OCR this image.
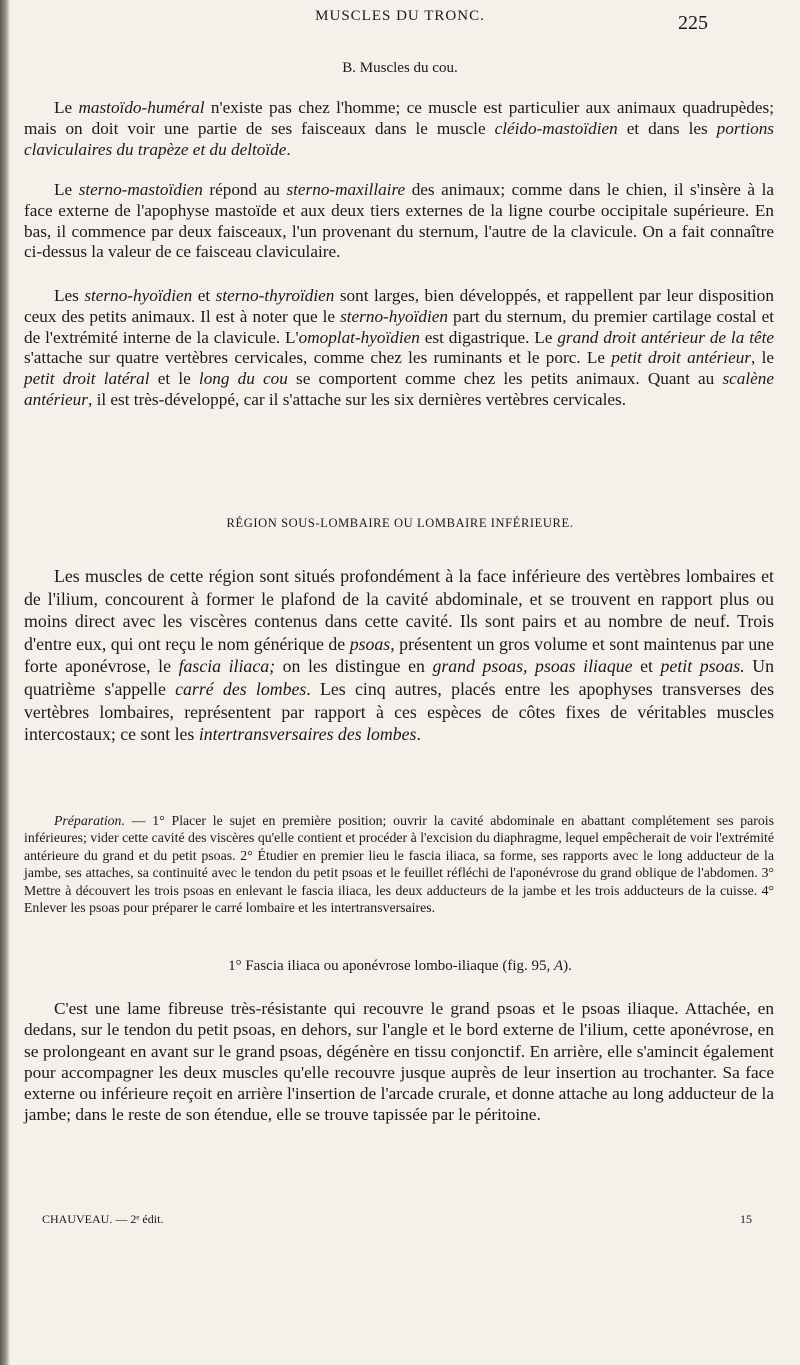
MUSCLES DU TRONC.	225
B. Muscles du cou.

Le mastoïdo-huméral n'existe pas chez l'homme; ce muscle est particulier aux animaux quadrupèdes; mais on doit voir une partie de ses faisceaux dans le muscle cléido-mastoïdien et dans les portions claviculaires du trapèze et du deltoïde.

Le sterno-mastoïdien répond au sterno-maxillaire des animaux; comme dans le chien, il s'insère à la face externe de l'apophyse mastoïde et aux deux tiers externes de la ligne courbe occipitale supérieure. En bas, il commence par deux faisceaux, l'un provenant du sternum, l'autre de la clavicule. On a fait connaître ci-dessus la valeur de ce faisceau claviculaire.

Les sterno-hyoïdien et sterno-thyroïdien sont larges, bien développés, et rappellent par leur disposition ceux des petits animaux. Il est à noter que le sterno-hyoïdien part du sternum, du premier cartilage costal et de l'extrémité interne de la clavicule. L'omoplat-hyoïdien est digastrique. Le grand droit antérieur de la tête s'attache sur quatre vertèbres cervicales, comme chez les ruminants et le porc. Le petit droit antérieur, le petit droit latéral et le long du cou se comportent comme chez les petits animaux. Quant au scalène antérieur, il est très-développé, car il s'attache sur les six dernières vertèbres cervicales.

RÉGION SOUS-LOMBAIRE OU LOMBAIRE INFÉRIEURE.

Les muscles de cette région sont situés profondément à la face inférieure des vertèbres lombaires et de l'ilium, concourent à former le plafond de la cavité abdominale, et se trouvent en rapport plus ou moins direct avec les viscères contenus dans cette cavité. Ils sont pairs et au nombre de neuf. Trois d'entre eux, qui ont reçu le nom générique de psoas, présentent un gros volume et sont maintenus par une forte aponévrose, le fascia iliaca; on les distingue en grand psoas, psoas iliaque et petit psoas. Un quatrième s'appelle carré des lombes. Les cinq autres, placés entre les apophyses transverses des vertèbres lombaires, représentent par rapport à ces espèces de côtes fixes de véritables muscles intercostaux; ce sont les intertransversaires des lombes.

Préparation. — 1° Placer le sujet en première position; ouvrir la cavité abdominale en abattant complétement ses parois inférieures; vider cette cavité des viscères qu'elle contient et procéder à l'excision du diaphragme, lequel empêcherait de voir l'extrémité antérieure du grand et du petit psoas. 2° Étudier en premier lieu le fascia iliaca, sa forme, ses rapports avec le long adducteur de la jambe, ses attaches, sa continuité avec le tendon du petit psoas et le feuillet réfléchi de l'aponévrose du grand oblique de l'abdomen. 3° Mettre à découvert les trois psoas en enlevant le fascia iliaca, les deux adducteurs de la jambe et les trois adducteurs de la cuisse. 4° Enlever les psoas pour préparer le carré lombaire et les intertransversaires.

1° Fascia iliaca ou aponévrose lombo-iliaque (fig. 95, A).

C'est une lame fibreuse très-résistante qui recouvre le grand psoas et le psoas iliaque. Attachée, en dedans, sur le tendon du petit psoas, en dehors, sur l'angle et le bord externe de l'ilium, cette aponévrose, en se prolongeant en avant sur le grand psoas, dégénère en tissu conjonctif. En arrière, elle s'amincit également pour accompagner les deux muscles qu'elle recouvre jusque auprès de leur insertion au trochanter. Sa face externe ou inférieure reçoit en arrière l'insertion de l'arcade crurale, et donne attache au long adducteur de la jambe; dans le reste de son étendue, elle se trouve tapissée par le péritoine.

CHAUVEAU. — 2ᵉ édit.	15
